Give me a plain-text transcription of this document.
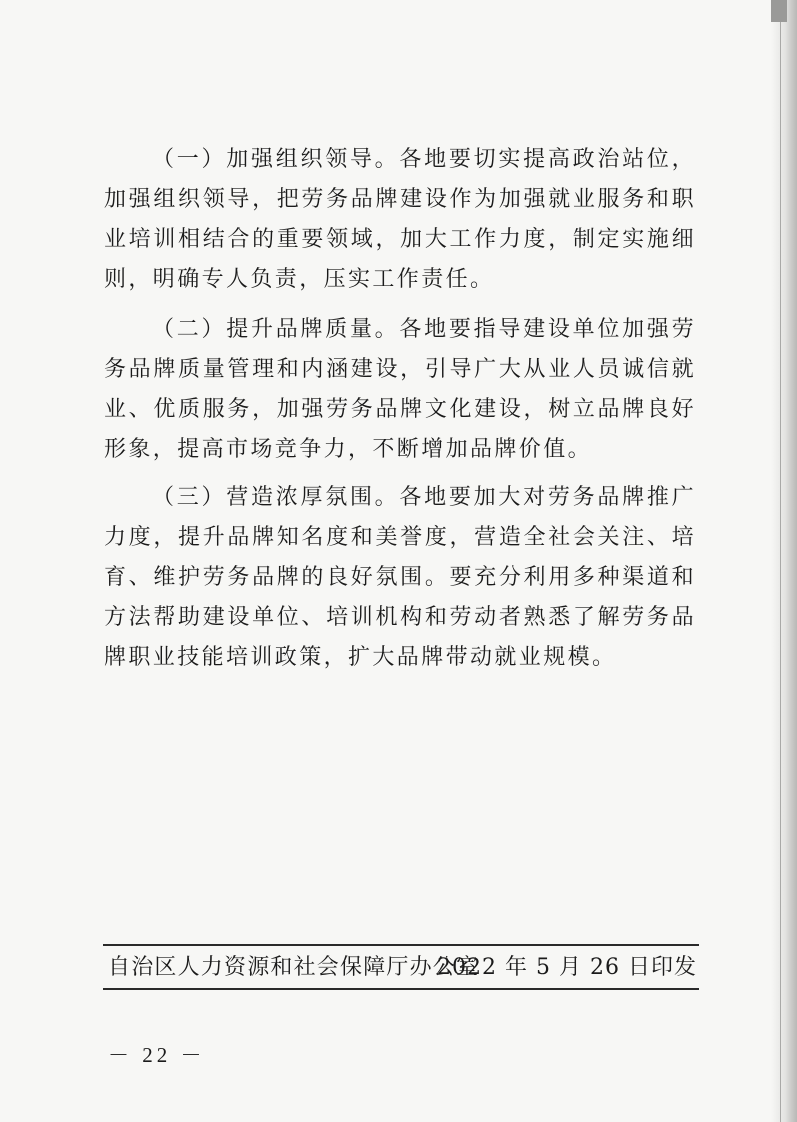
（一）加强组织领导。各地要切实提高政治站位，加强组织领导，把劳务品牌建设作为加强就业服务和职业培训相结合的重要领域，加大工作力度，制定实施细则，明确专人负责，压实工作责任。

（二）提升品牌质量。各地要指导建设单位加强劳务品牌质量管理和内涵建设，引导广大从业人员诚信就业、优质服务，加强劳务品牌文化建设，树立品牌良好形象，提高市场竞争力，不断增加品牌价值。

（三）营造浓厚氛围。各地要加大对劳务品牌推广力度，提升品牌知名度和美誉度，营造全社会关注、培育、维护劳务品牌的良好氛围。要充分利用多种渠道和方法帮助建设单位、培训机构和劳动者熟悉了解劳务品牌职业技能培训政策，扩大品牌带动就业规模。

自治区人力资源和社会保障厅办公室
2022 年 5 月 26 日印发
－ 22 －
